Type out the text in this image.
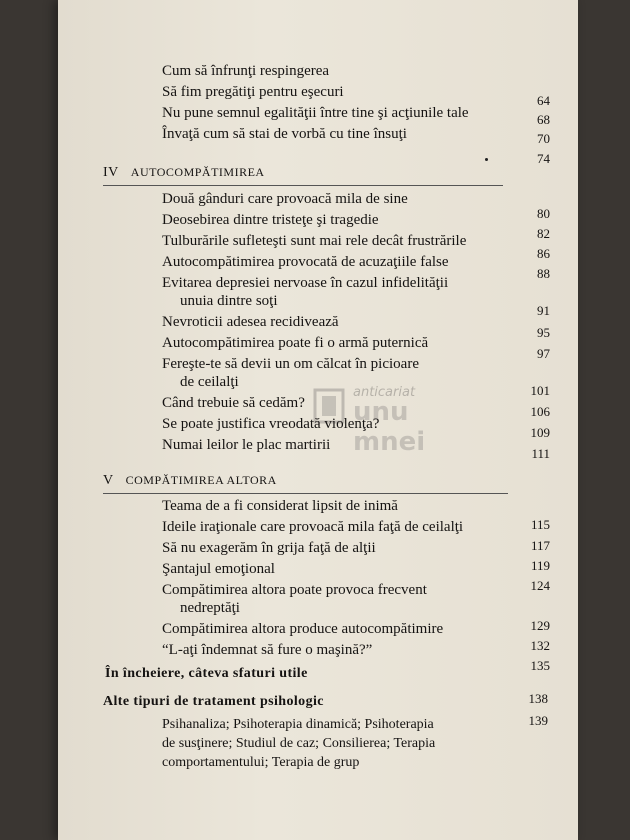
anticariat
unu mnei
Cum să înfrunţi respingerea
Să fim pregătiţi pentru eşecuri
Nu pune semnul egalităţii între tine şi acţiunile tale
Învaţă cum să stai de vorbă cu tine însuţi
64
68
70
74
IV AUTOCOMPĂTIMIREA
Două gânduri care provoacă mila de sine
Deosebirea dintre tristeţe şi tragedie
Tulburările sufleteşti sunt mai rele decât frustrările
Autocompătimirea provocată de acuzaţiile false
Evitarea depresiei nervoase în cazul infidelităţii
unuia dintre soţi
Nevroticii adesea recidivează
Autocompătimirea poate fi o armă puternică
Fereşte-te să devii un om călcat în picioare
de ceilalţi
Când trebuie să cedăm?
Se poate justifica vreodată violenţa?
Numai leilor le plac martirii
80
82
86
88
91
95
97
101
106
109
111
V COMPĂTIMIREA ALTORA
Teama de a fi considerat lipsit de inimă
Ideile iraţionale care provoacă mila faţă de ceilalţi
Să nu exagerăm în grija faţă de alţii
Şantajul emoţional
Compătimirea altora poate provoca frecvent
nedreptăţi
Compătimirea altora produce autocompătimire
“L-aţi îndemnat să fure o maşină?”
115
117
119
124
129
132
135
În încheiere, câteva sfaturi utile
138
Alte tipuri de tratament psihologic
139
Psihanaliza; Psihoterapia dinamică; Psihoterapia
de susţinere; Studiul de caz; Consilierea; Terapia
comportamentului; Terapia de grup
